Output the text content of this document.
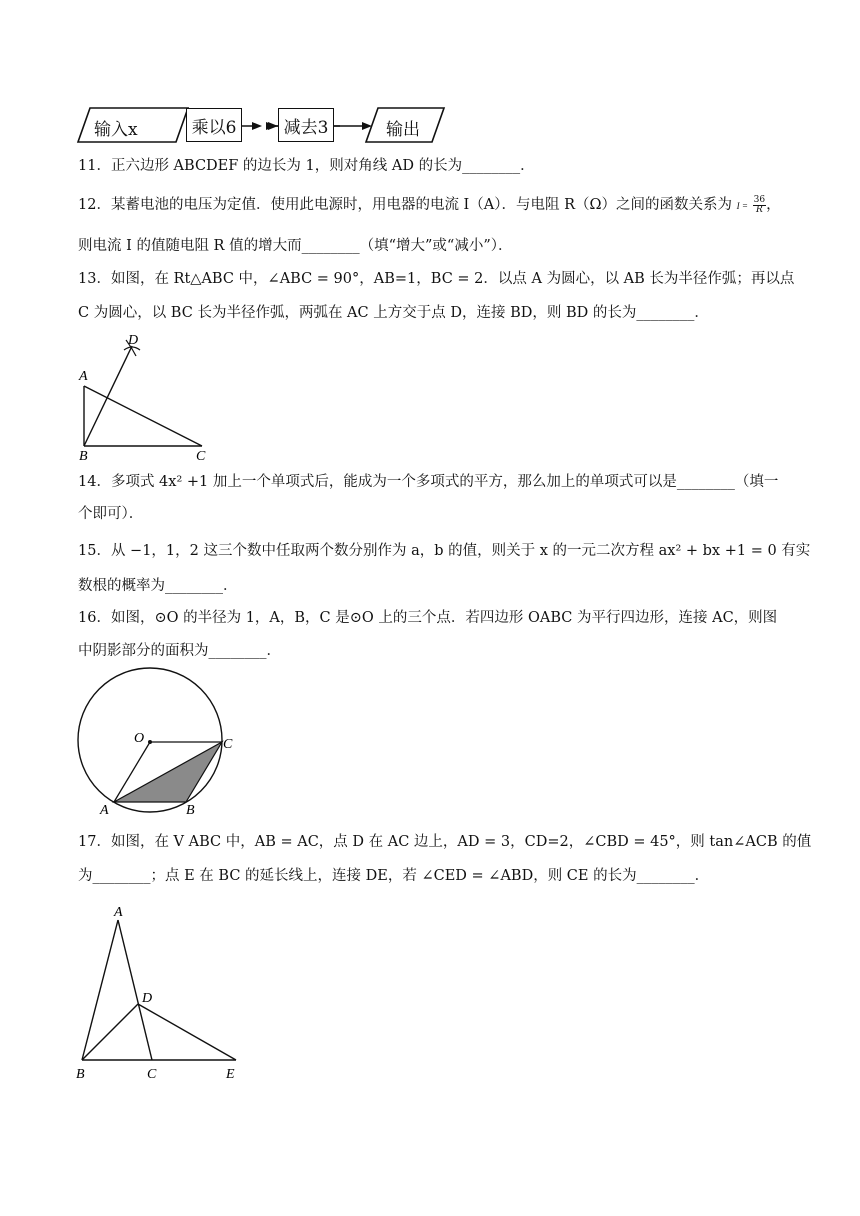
输入x	乘以6	减去3	输出
11．正六边形 ABCDEF 的边长为 1，则对角线 AD 的长为________．
12．某蓄电池的电压为定值．使用此电源时，用电器的电流 I（A）．与电阻 R（Ω）之间的函数关系为 $I = \frac{36}{R}$ ，
则电流 I 的值随电阻 R 值的增大而________（填“增大”或“减小”）．
13．如图，在 Rt△ABC 中，∠ABC = 90°，AB=1，BC = 2．以点 A 为圆心，以 AB 长为半径作弧；再以点
C 为圆心，以 BC 长为半径作弧，两弧在 AC 上方交于点 D，连接 BD，则 BD 的长为________．
D
A
B	C
14．多项式 4x² +1 加上一个单项式后，能成为一个多项式的平方，那么加上的单项式可以是________（填一
个即可）．
15．从 −1，1，2 这三个数中任取两个数分别作为 a，b 的值，则关于 x 的一元二次方程 ax² + bx +1 = 0 有实
数根的概率为________．
16．如图，⊙O 的半径为 1，A，B，C 是⊙O 上的三个点．若四边形 OABC 为平行四边形，连接 AC，则图
中阴影部分的面积为________．
O	C
A	B
17．如图，在 V ABC 中，AB = AC，点 D 在 AC 边上，AD = 3，CD=2，∠CBD = 45°，则 tan∠ACB 的值
为________；点 E 在 BC 的延长线上，连接 DE，若 ∠CED = ∠ABD，则 CE 的长为________．
A
D
B	C	E
